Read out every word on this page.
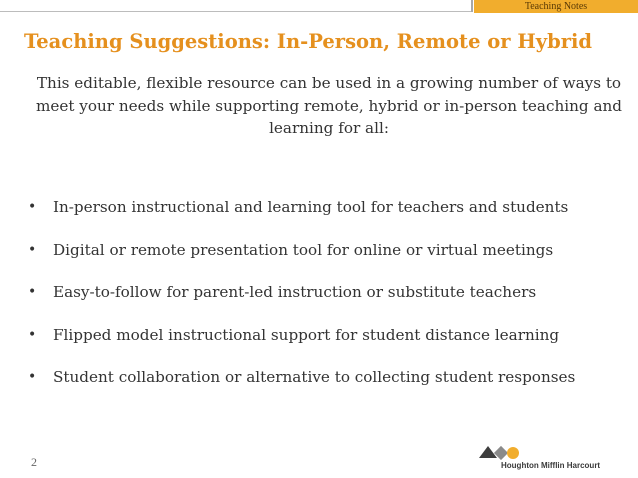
Teaching Notes
Teaching Suggestions: In-Person, Remote or Hybrid

This editable, flexible resource can be used in a growing number of ways to meet your needs while supporting remote, hybrid or in-person teaching and learning for all:

• In-person instructional and learning tool for teachers and students
• Digital or remote presentation tool for online or virtual meetings
• Easy-to-follow for parent-led instruction or substitute teachers
• Flipped model instructional support for student distance learning
• Student collaboration or alternative to collecting student responses
2	Houghton Mifflin Harcourt
